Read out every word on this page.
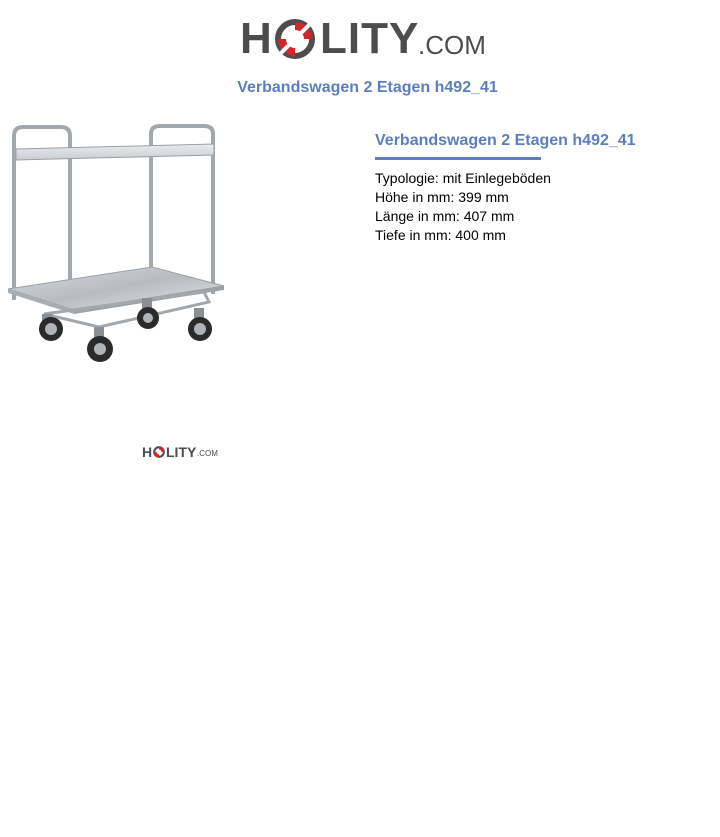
H LITY
.COM
Verbandswagen 2 Etagen h492_41
H LITY .COM
Verbandswagen 2 Etagen h492_41

Typologie: mit Einlegeböden

Höhe in mm: 399 mm

Länge in mm: 407 mm

Tiefe in mm: 400 mm
